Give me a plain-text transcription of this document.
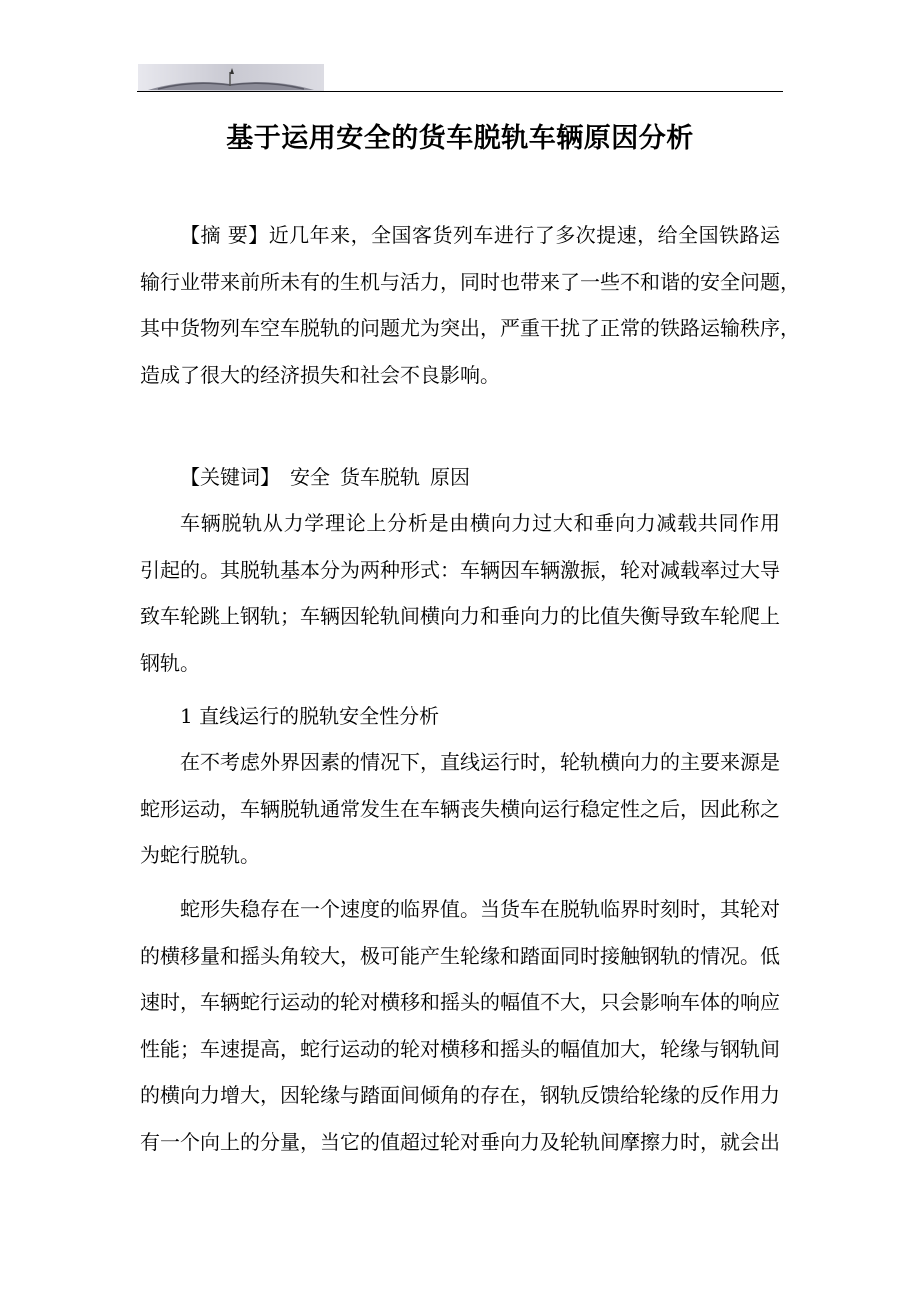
基于运用安全的货车脱轨车辆原因分析
【摘 要】近几年来，全国客货列车进行了多次提速，给全国铁路运
输行业带来前所未有的生机与活力，同时也带来了一些不和谐的安全问题，
其中货物列车空车脱轨的问题尤为突出，严重干扰了正常的铁路运输秩序，
造成了很大的经济损失和社会不良影响。
【关键词】 安全 货车脱轨 原因
车辆脱轨从力学理论上分析是由横向力过大和垂向力减载共同作用
引起的。其脱轨基本分为两种形式：车辆因车辆激振，轮对减载率过大导
致车轮跳上钢轨；车辆因轮轨间横向力和垂向力的比值失衡导致车轮爬上
钢轨。
1 直线运行的脱轨安全性分析
在不考虑外界因素的情况下，直线运行时，轮轨横向力的主要来源是
蛇形运动，车辆脱轨通常发生在车辆丧失横向运行稳定性之后，因此称之
为蛇行脱轨。
蛇形失稳存在一个速度的临界值。当货车在脱轨临界时刻时，其轮对
的横移量和摇头角较大，极可能产生轮缘和踏面同时接触钢轨的情况。低
速时，车辆蛇行运动的轮对横移和摇头的幅值不大，只会影响车体的响应
性能；车速提高，蛇行运动的轮对横移和摇头的幅值加大，轮缘与钢轨间
的横向力增大，因轮缘与踏面间倾角的存在，钢轨反馈给轮缘的反作用力
有一个向上的分量，当它的值超过轮对垂向力及轮轨间摩擦力时，就会出
